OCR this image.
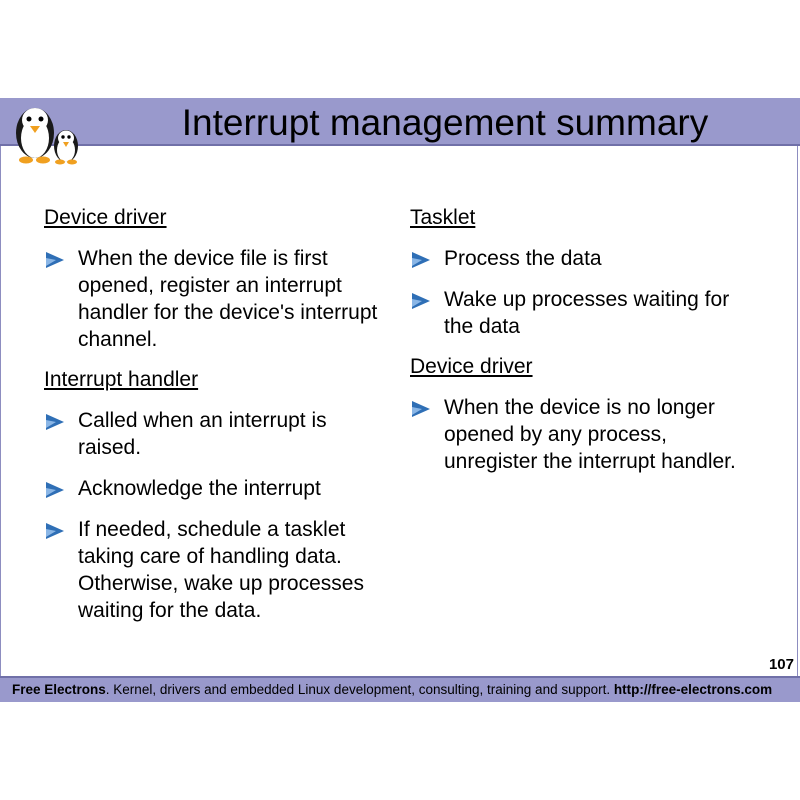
Interrupt management summary
Device driver
When the device file is first opened, register an interrupt handler for the device's interrupt channel.
Interrupt handler
Called when an interrupt is raised.
Acknowledge the interrupt
If needed, schedule a tasklet taking care of handling data. Otherwise, wake up processes waiting for the data.
Tasklet
Process the data
Wake up processes waiting for the data
Device driver
When the device is no longer opened by any process, unregister the interrupt handler.
107
Free Electrons. Kernel, drivers and embedded Linux development, consulting, training and support. http://free-electrons.com
